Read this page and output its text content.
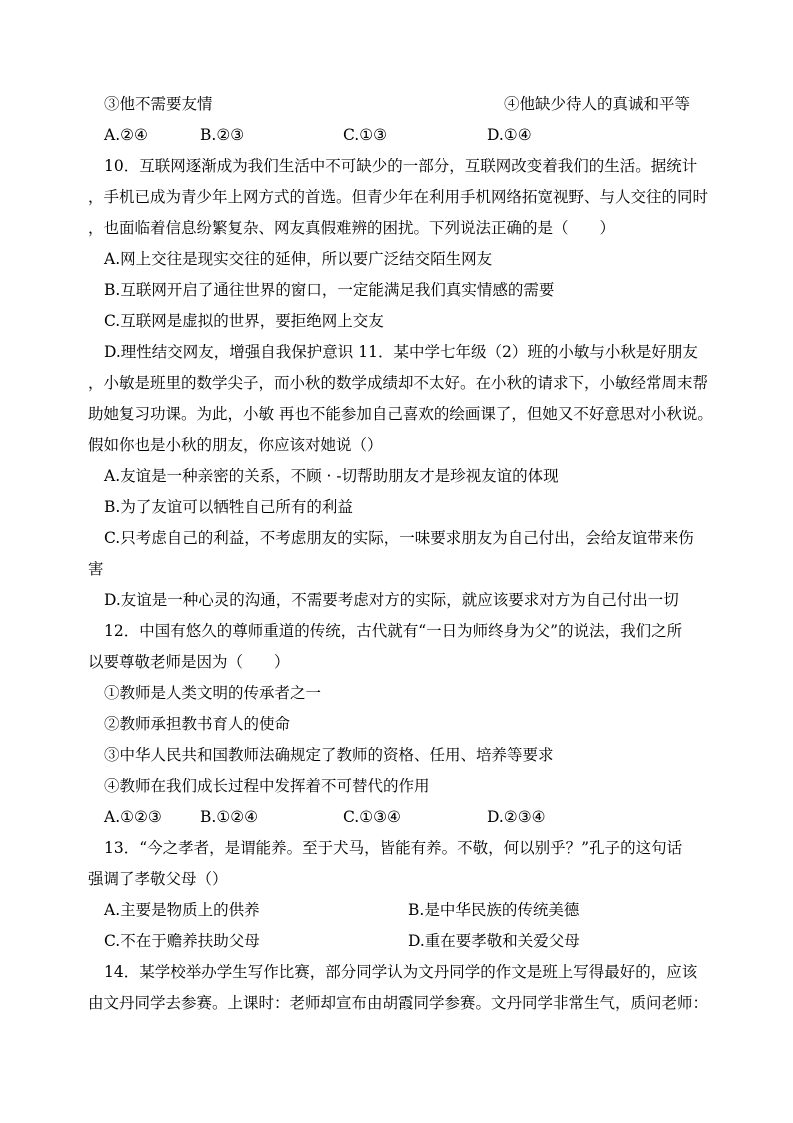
③他不需要友情	④他缺少待人的真诚和平等
A.②④	B.②③	C.①③	D.①④
10．互联网逐渐成为我们生活中不可缺少的一部分，互联网改变着我们的生活。据统计
，手机已成为青少年上网方式的首选。但青少年在利用手机网络拓宽视野、与人交往的同时
，也面临着信息纷繁复杂、网友真假难辨的困扰。下列说法正确的是（　　）
A.网上交往是现实交往的延伸，所以要广泛结交陌生网友
B.互联网开启了通往世界的窗口，一定能满足我们真实情感的需要
C.互联网是虚拟的世界，要拒绝网上交友
D.理性结交网友，增强自我保护意识 11．某中学七年级（2）班的小敏与小秋是好朋友
，小敏是班里的数学尖子，而小秋的数学成绩却不太好。在小秋的请求下，小敏经常周末帮
助她复习功课。为此，小敏 再也不能参加自己喜欢的绘画课了，但她又不好意思对小秋说。
假如你也是小秋的朋友，你应该对她说（）
A.友谊是一种亲密的关系，不顾 · -切帮助朋友才是珍视友谊的体现
B.为了友谊可以牺牲自己所有的利益
C.只考虑自己的利益，不考虑朋友的实际，一味要求朋友为自己付出，会给友谊带来伤
害
D.友谊是一种心灵的沟通，不需要考虑对方的实际，就应该要求对方为自己付出一切
12．中国有悠久的尊师重道的传统，古代就有“一日为师终身为父”的说法，我们之所
以要尊敬老师是因为（　　）
①教师是人类文明的传承者之一
②教师承担教书育人的使命
③中华人民共和国教师法确规定了教师的资格、任用、培养等要求
④教师在我们成长过程中发挥着不可替代的作用
A.①②③	B.①②④	C.①③④	D.②③④
13．“今之孝者，是谓能养。至于犬马，皆能有养。不敬，何以别乎？”孔子的这句话
强调了孝敬父母（）
A.主要是物质上的供养	B.是中华民族的传统美德
C.不在于赡养扶助父母	D.重在要孝敬和关爱父母
14．某学校举办学生写作比赛，部分同学认为文丹同学的作文是班上写得最好的，应该
由文丹同学去参赛。上课时：老师却宣布由胡霞同学参赛。文丹同学非常生气，质问老师：
